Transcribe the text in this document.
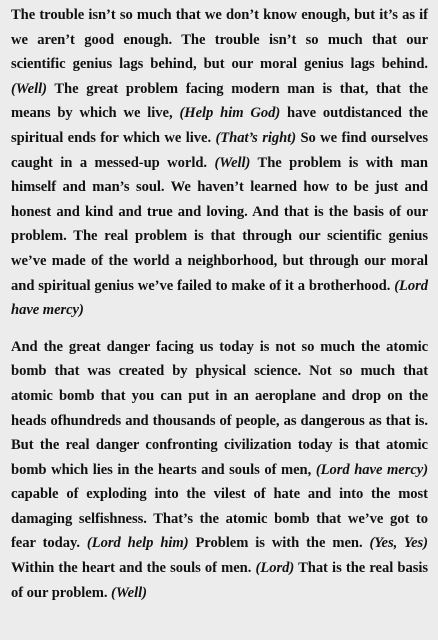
The trouble isn’t so much that we don’t know enough, but it’s as if we aren’t good enough. The trouble isn’t so much that our scientific genius lags behind, but our moral genius lags behind. (Well) The great problem facing modern man is that, that the means by which we live, (Help him God) have outdistanced the spiritual ends for which we live. (That’s right) So we find ourselves caught in a messed-up world. (Well) The problem is with man himself and man’s soul. We haven’t learned how to be just and honest and kind and true and loving. And that is the basis of our problem. The real problem is that through our scientific genius we’ve made of the world a neighborhood, but through our moral and spiritual genius we’ve failed to make of it a brotherhood. (Lord have mercy)

And the great danger facing us today is not so much the atomic bomb that was created by physical science. Not so much that atomic bomb that you can put in an aeroplane and drop on the heads ofhundreds and thousands of people, as dangerous as that is. But the real danger confronting civilization today is that atomic bomb which lies in the hearts and souls of men, (Lord have mercy) capable of exploding into the vilest of hate and into the most damaging selfishness. That’s the atomic bomb that we’ve got to fear today. (Lord help him) Problem is with the men. (Yes, Yes) Within the heart and the souls of men. (Lord) That is the real basis of our problem. (Well)
